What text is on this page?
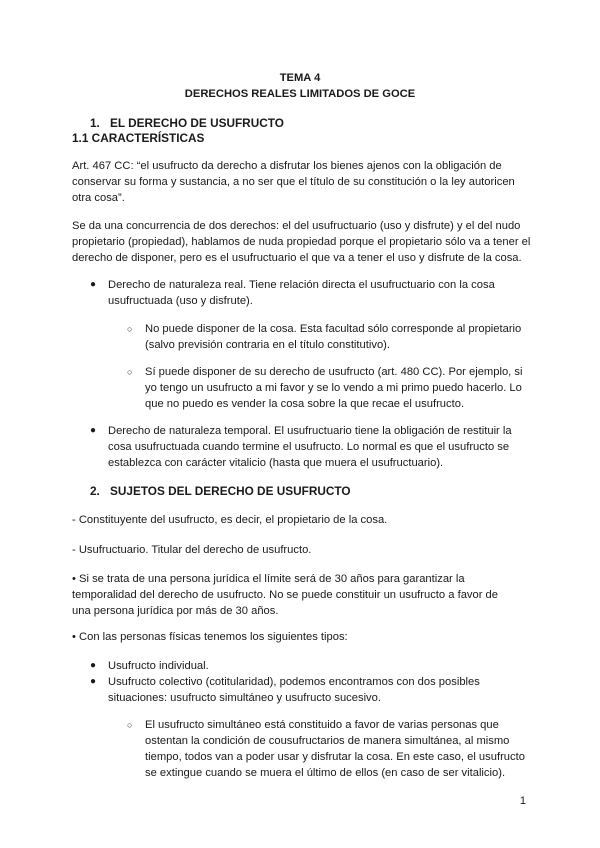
TEMA 4
DERECHOS REALES LIMITADOS DE GOCE
1. EL DERECHO DE USUFRUCTO
1.1 CARACTERÍSTICAS
Art. 467 CC: “el usufructo da derecho a disfrutar los bienes ajenos con la obligación de
conservar su forma y sustancia, a no ser que el título de su constitución o la ley autoricen
otra cosa”.
Se da una concurrencia de dos derechos: el del usufructuario (uso y disfrute) y el del nudo
propietario (propiedad), hablamos de nuda propiedad porque el propietario sólo va a tener el
derecho de disponer, pero es el usufructuario el que va a tener el uso y disfrute de la cosa.
● Derecho de naturaleza real. Tiene relación directa el usufructuario con la cosa
usufructuada (uso y disfrute).
○ No puede disponer de la cosa. Esta facultad sólo corresponde al propietario
(salvo previsión contraria en el título constitutivo).
○ Sí puede disponer de su derecho de usufructo (art. 480 CC). Por ejemplo, si
yo tengo un usufructo a mi favor y se lo vendo a mi primo puedo hacerlo. Lo
que no puedo es vender la cosa sobre la que recae el usufructo.
● Derecho de naturaleza temporal. El usufructuario tiene la obligación de restituir la
cosa usufructuada cuando termine el usufructo. Lo normal es que el usufructo se
establezca con carácter vitalicio (hasta que muera el usufructuario).
2. SUJETOS DEL DERECHO DE USUFRUCTO
- Constituyente del usufructo, es decir, el propietario de la cosa.
- Usufructuario. Titular del derecho de usufructo.
• Si se trata de una persona jurídica el límite será de 30 años para garantizar la
temporalidad del derecho de usufructo. No se puede constituir un usufructo a favor de
una persona jurídica por más de 30 años.
• Con las personas físicas tenemos los siguientes tipos:
● Usufructo individual.
● Usufructo colectivo (cotitularidad), podemos encontramos con dos posibles
situaciones: usufructo simultáneo y usufructo sucesivo.
○ El usufructo simultáneo está constituido a favor de varias personas que
ostentan la condición de cousufructarios de manera simultánea, al mismo
tiempo, todos van a poder usar y disfrutar la cosa. En este caso, el usufructo
se extingue cuando se muera el último de ellos (en caso de ser vitalicio).
1
